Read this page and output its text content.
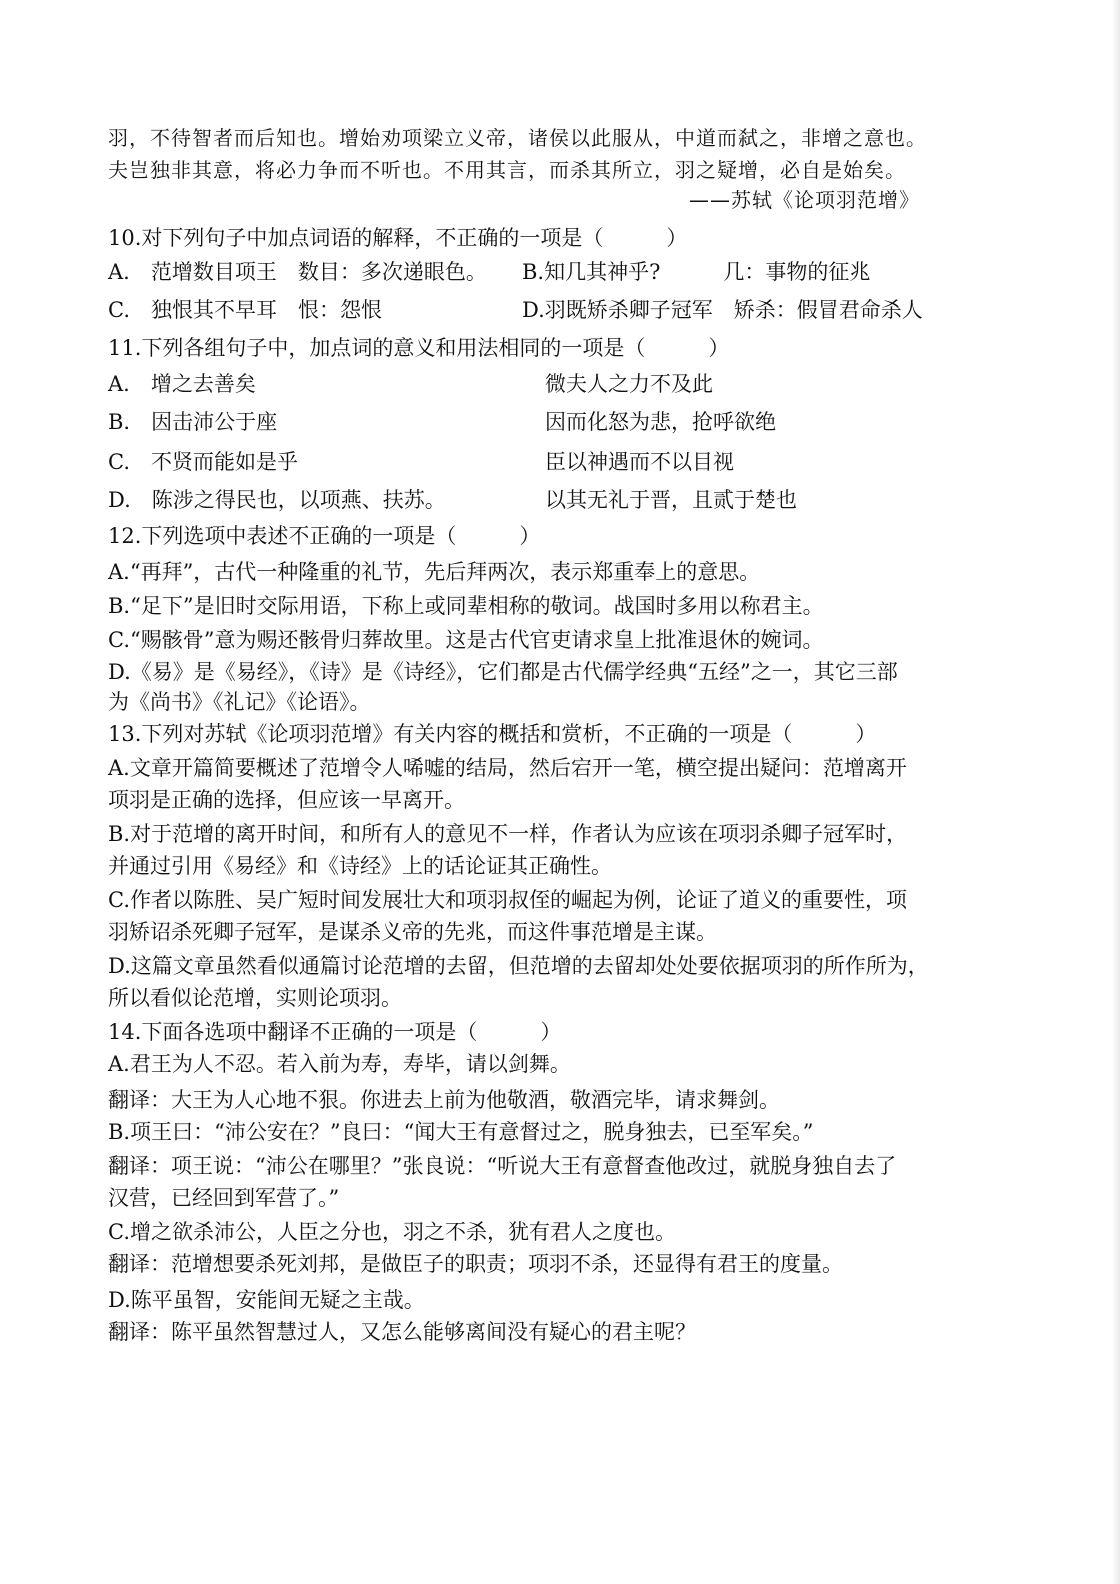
羽，不待智者而后知也。增始劝项梁立义帝，诸侯以此服从，中道而弑之，非增之意也。
夫岂独非其意，将必力争而不听也。不用其言，而杀其所立，羽之疑增，必自是始矣。
——苏轼《论项羽范增》
10.对下列句子中加点词语的解释，不正确的一项是（　　　）
A.　范增数目项王　数目：多次递眼色。 B.知几其神乎?　　　几：事物的征兆
C.　独恨其不早耳　恨：怨恨	D.羽既矫杀卿子冠军　矫杀：假冒君命杀人
11.下列各组句子中，加点词的意义和用法相同的一项是（　　　）
A.　增之去善矣	微夫人之力不及此
B.　因击沛公于座	因而化怒为悲，抢呼欲绝
C.　不贤而能如是乎	臣以神遇而不以目视
D.　陈涉之得民也，以项燕、扶苏。	以其无礼于晋，且贰于楚也
12.下列选项中表述不正确的一项是（　　　）
A.“再拜”，古代一种隆重的礼节，先后拜两次，表示郑重奉上的意思。
B.“足下”是旧时交际用语，下称上或同辈相称的敬词。战国时多用以称君主。
C.“赐骸骨”意为赐还骸骨归葬故里。这是古代官吏请求皇上批准退休的婉词。
D.《易》是《易经》，《诗》是《诗经》，它们都是古代儒学经典“五经”之一，其它三部
为《尚书》《礼记》《论语》。
13.下列对苏轼《论项羽范增》有关内容的概括和赏析，不正确的一项是（　　　）
A.文章开篇简要概述了范增令人唏嘘的结局，然后宕开一笔，横空提出疑问：范增离开
项羽是正确的选择，但应该一早离开。
B.对于范增的离开时间，和所有人的意见不一样，作者认为应该在项羽杀卿子冠军时，
并通过引用《易经》和《诗经》上的话论证其正确性。
C.作者以陈胜、吴广短时间发展壮大和项羽叔侄的崛起为例，论证了道义的重要性，项
羽矫诏杀死卿子冠军，是谋杀义帝的先兆，而这件事范增是主谋。
D.这篇文章虽然看似通篇讨论范增的去留，但范增的去留却处处要依据项羽的所作所为，
所以看似论范增，实则论项羽。
14.下面各选项中翻译不正确的一项是（　　　）
A.君王为人不忍。若入前为寿，寿毕，请以剑舞。
翻译：大王为人心地不狠。你进去上前为他敬酒，敬酒完毕，请求舞剑。
B.项王曰：“沛公安在？”良曰：“闻大王有意督过之，脱身独去，已至军矣。”
翻译：项王说：“沛公在哪里？”张良说：“听说大王有意督查他改过，就脱身独自去了
汉营，已经回到军营了。”
C.增之欲杀沛公，人臣之分也，羽之不杀，犹有君人之度也。
翻译：范增想要杀死刘邦，是做臣子的职责；项羽不杀，还显得有君王的度量。
D.陈平虽智，安能间无疑之主哉。
翻译：陈平虽然智慧过人，又怎么能够离间没有疑心的君主呢？
